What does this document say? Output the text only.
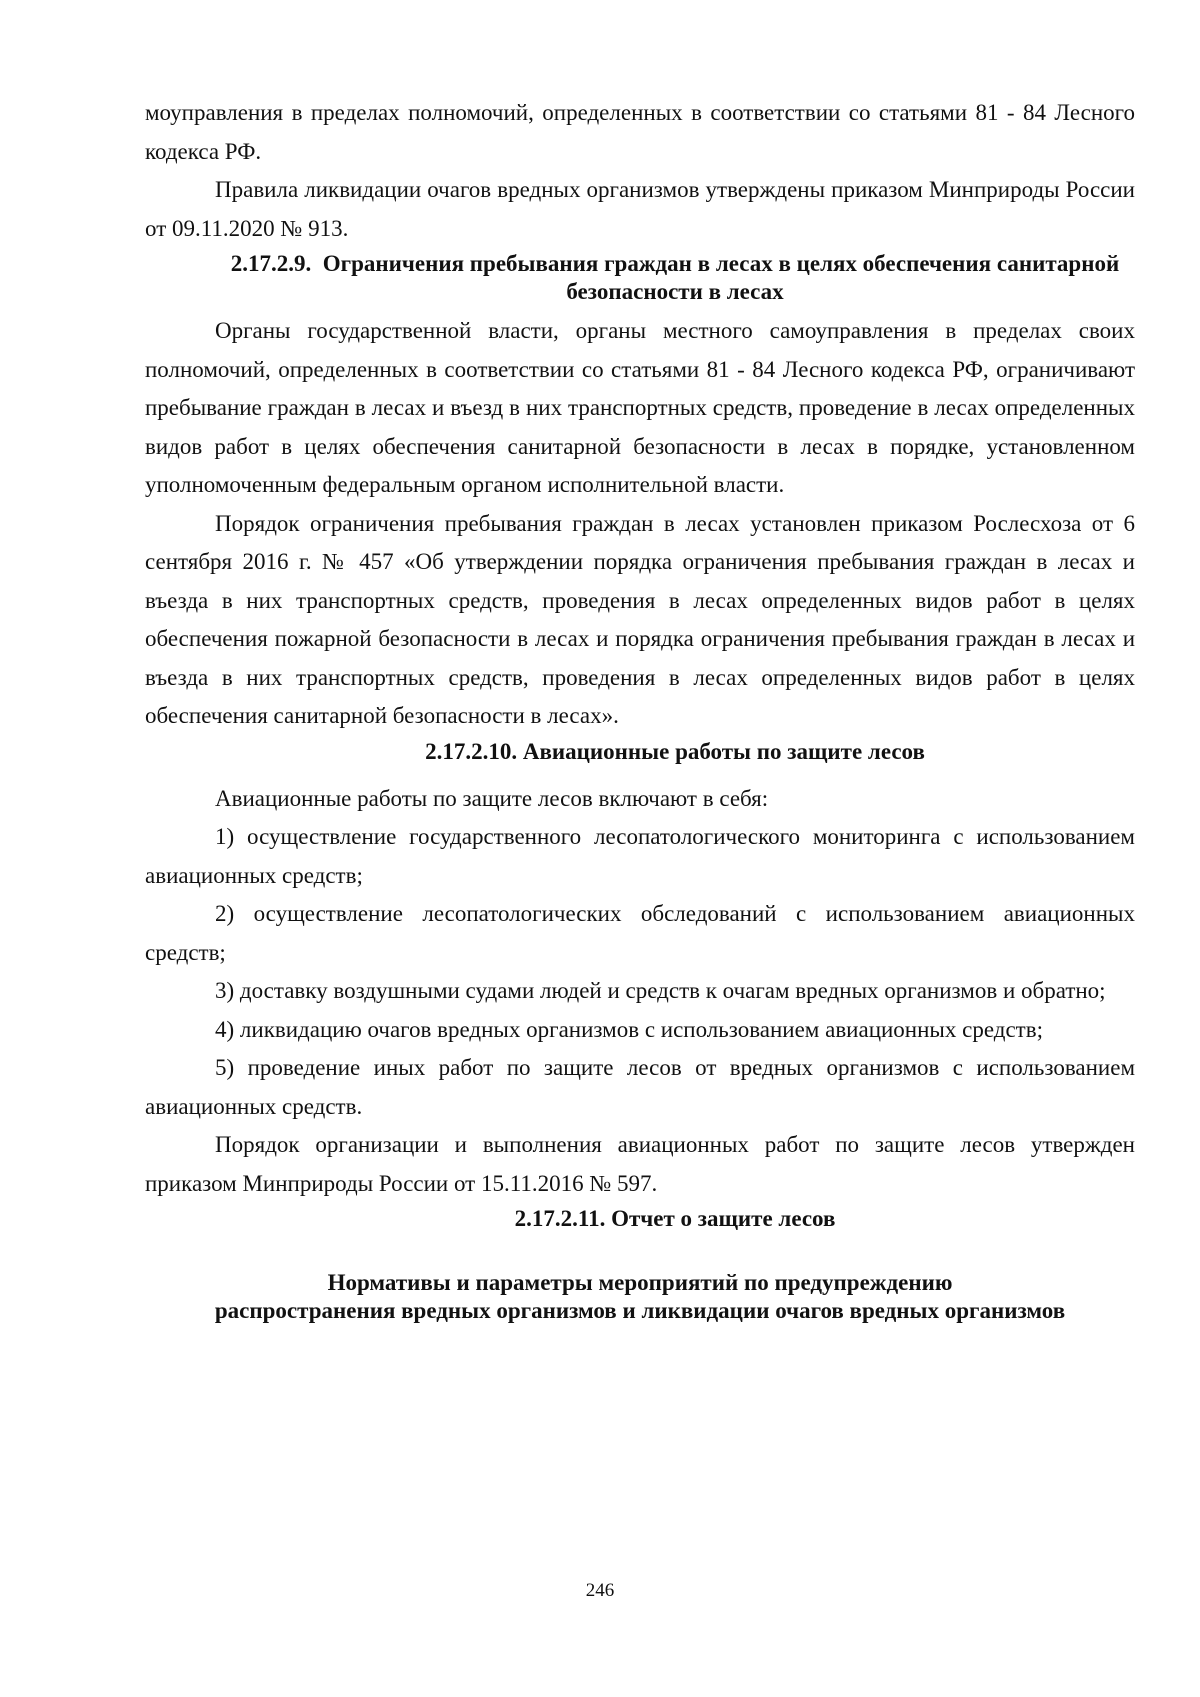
моуправления в пределах полномочий, определенных в соответствии со статьями 81 - 84 Лесного кодекса РФ.

Правила ликвидации очагов вредных организмов утверждены приказом Минприроды России от 09.11.2020 № 913.

2.17.2.9.  Ограничения пребывания граждан в лесах в целях обеспечения санитарной безопасности в лесах

Органы государственной власти, органы местного самоуправления в пределах своих полномочий, определенных в соответствии со статьями 81 - 84 Лесного кодекса РФ, ограничивают пребывание граждан в лесах и въезд в них транспортных средств, проведение в лесах определенных видов работ в целях обеспечения санитарной безопасности в лесах в порядке, установленном уполномоченным федеральным органом исполнительной власти.

Порядок ограничения пребывания граждан в лесах установлен приказом Рослесхоза от 6 сентября 2016 г. № 457 «Об утверждении порядка ограничения пребывания граждан в лесах и въезда в них транспортных средств, проведения в лесах определенных видов работ в целях обеспечения пожарной безопасности в лесах и порядка ограничения пребывания граждан в лесах и въезда в них транспортных средств, проведения в лесах определенных видов работ в целях обеспечения санитарной безопасности в лесах».

2.17.2.10. Авиационные работы по защите лесов

Авиационные работы по защите лесов включают в себя:

1) осуществление государственного лесопатологического мониторинга с использованием авиационных средств;

2) осуществление лесопатологических обследований с использованием авиационных средств;

3) доставку воздушными судами людей и средств к очагам вредных организмов и обратно;

4) ликвидацию очагов вредных организмов с использованием авиационных средств;

5) проведение иных работ по защите лесов от вредных организмов с использованием авиационных средств.

Порядок организации и выполнения авиационных работ по защите лесов утвержден приказом Минприроды России от 15.11.2016 № 597.

2.17.2.11. Отчет о защите лесов
Нормативы и параметры мероприятий по предупреждению
распространения вредных организмов и ликвидации очагов вредных организмов
246
